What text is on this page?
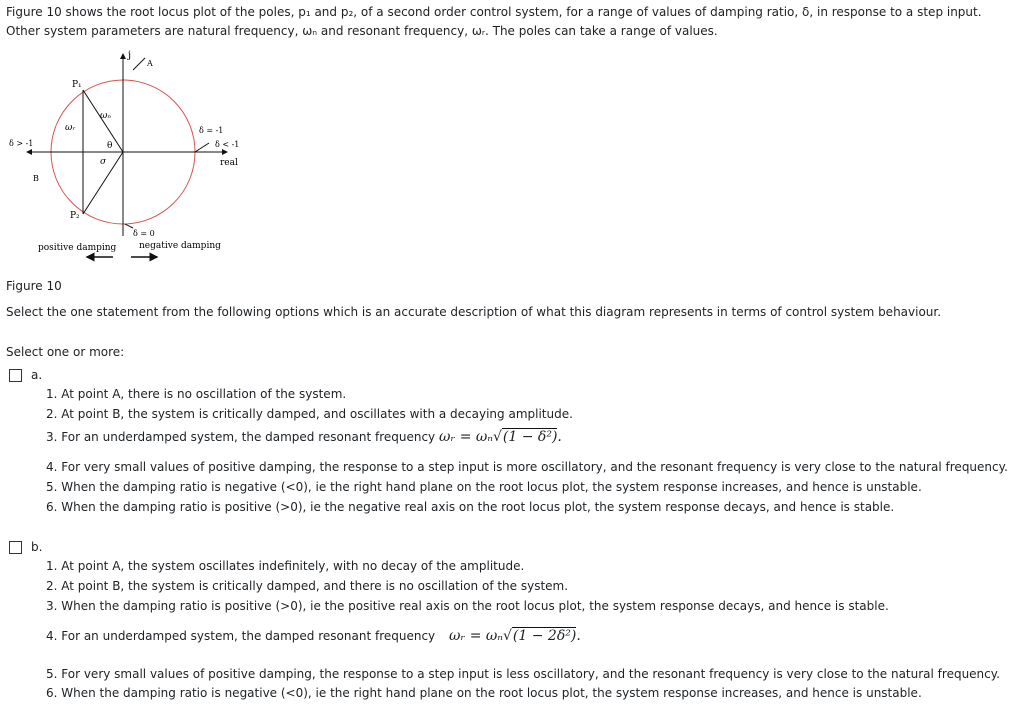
Figure 10 shows the root locus plot of the poles, p₁ and p₂, of a second order control system, for a range of values of damping ratio, δ, in response to a step input. Other system parameters are natural frequency, ωₙ and resonant frequency, ωᵣ. The poles can take a range of values.
j
A
P₁
ωₙ
ωᵣ
δ > -1
δ = -1
δ < -1
θ
σ	real
B
P₂
δ = 0
positive damping	negative damping
Figure 10
Select the one statement from the following options which is an accurate description of what this diagram represents in terms of control system behaviour.
Select one or more:
a.
1. At point A, there is no oscillation of the system.
2. At point B, the system is critically damped, and oscillates with a decaying amplitude.
3. For an underdamped system, the damped resonant frequency ωᵣ = ωₙ√(1 − δ²).
4. For very small values of positive damping, the response to a step input is more oscillatory, and the resonant frequency is very close to the natural frequency.
5. When the damping ratio is negative (<0), ie the right hand plane on the root locus plot, the system response increases, and hence is unstable.
6. When the damping ratio is positive (>0), ie the negative real axis on the root locus plot, the system response decays, and hence is stable.
b.
1. At point A, the system oscillates indefinitely, with no decay of the amplitude.
2. At point B, the system is critically damped, and there is no oscillation of the system.
3. When the damping ratio is positive (>0), ie the positive real axis on the root locus plot, the system response decays, and hence is stable.
4. For an underdamped system, the damped resonant frequency ωᵣ = ωₙ√(1 − 2δ²).
5. For very small values of positive damping, the response to a step input is less oscillatory, and the resonant frequency is very close to the natural frequency.
6. When the damping ratio is negative (<0), ie the right hand plane on the root locus plot, the system response increases, and hence is unstable.
